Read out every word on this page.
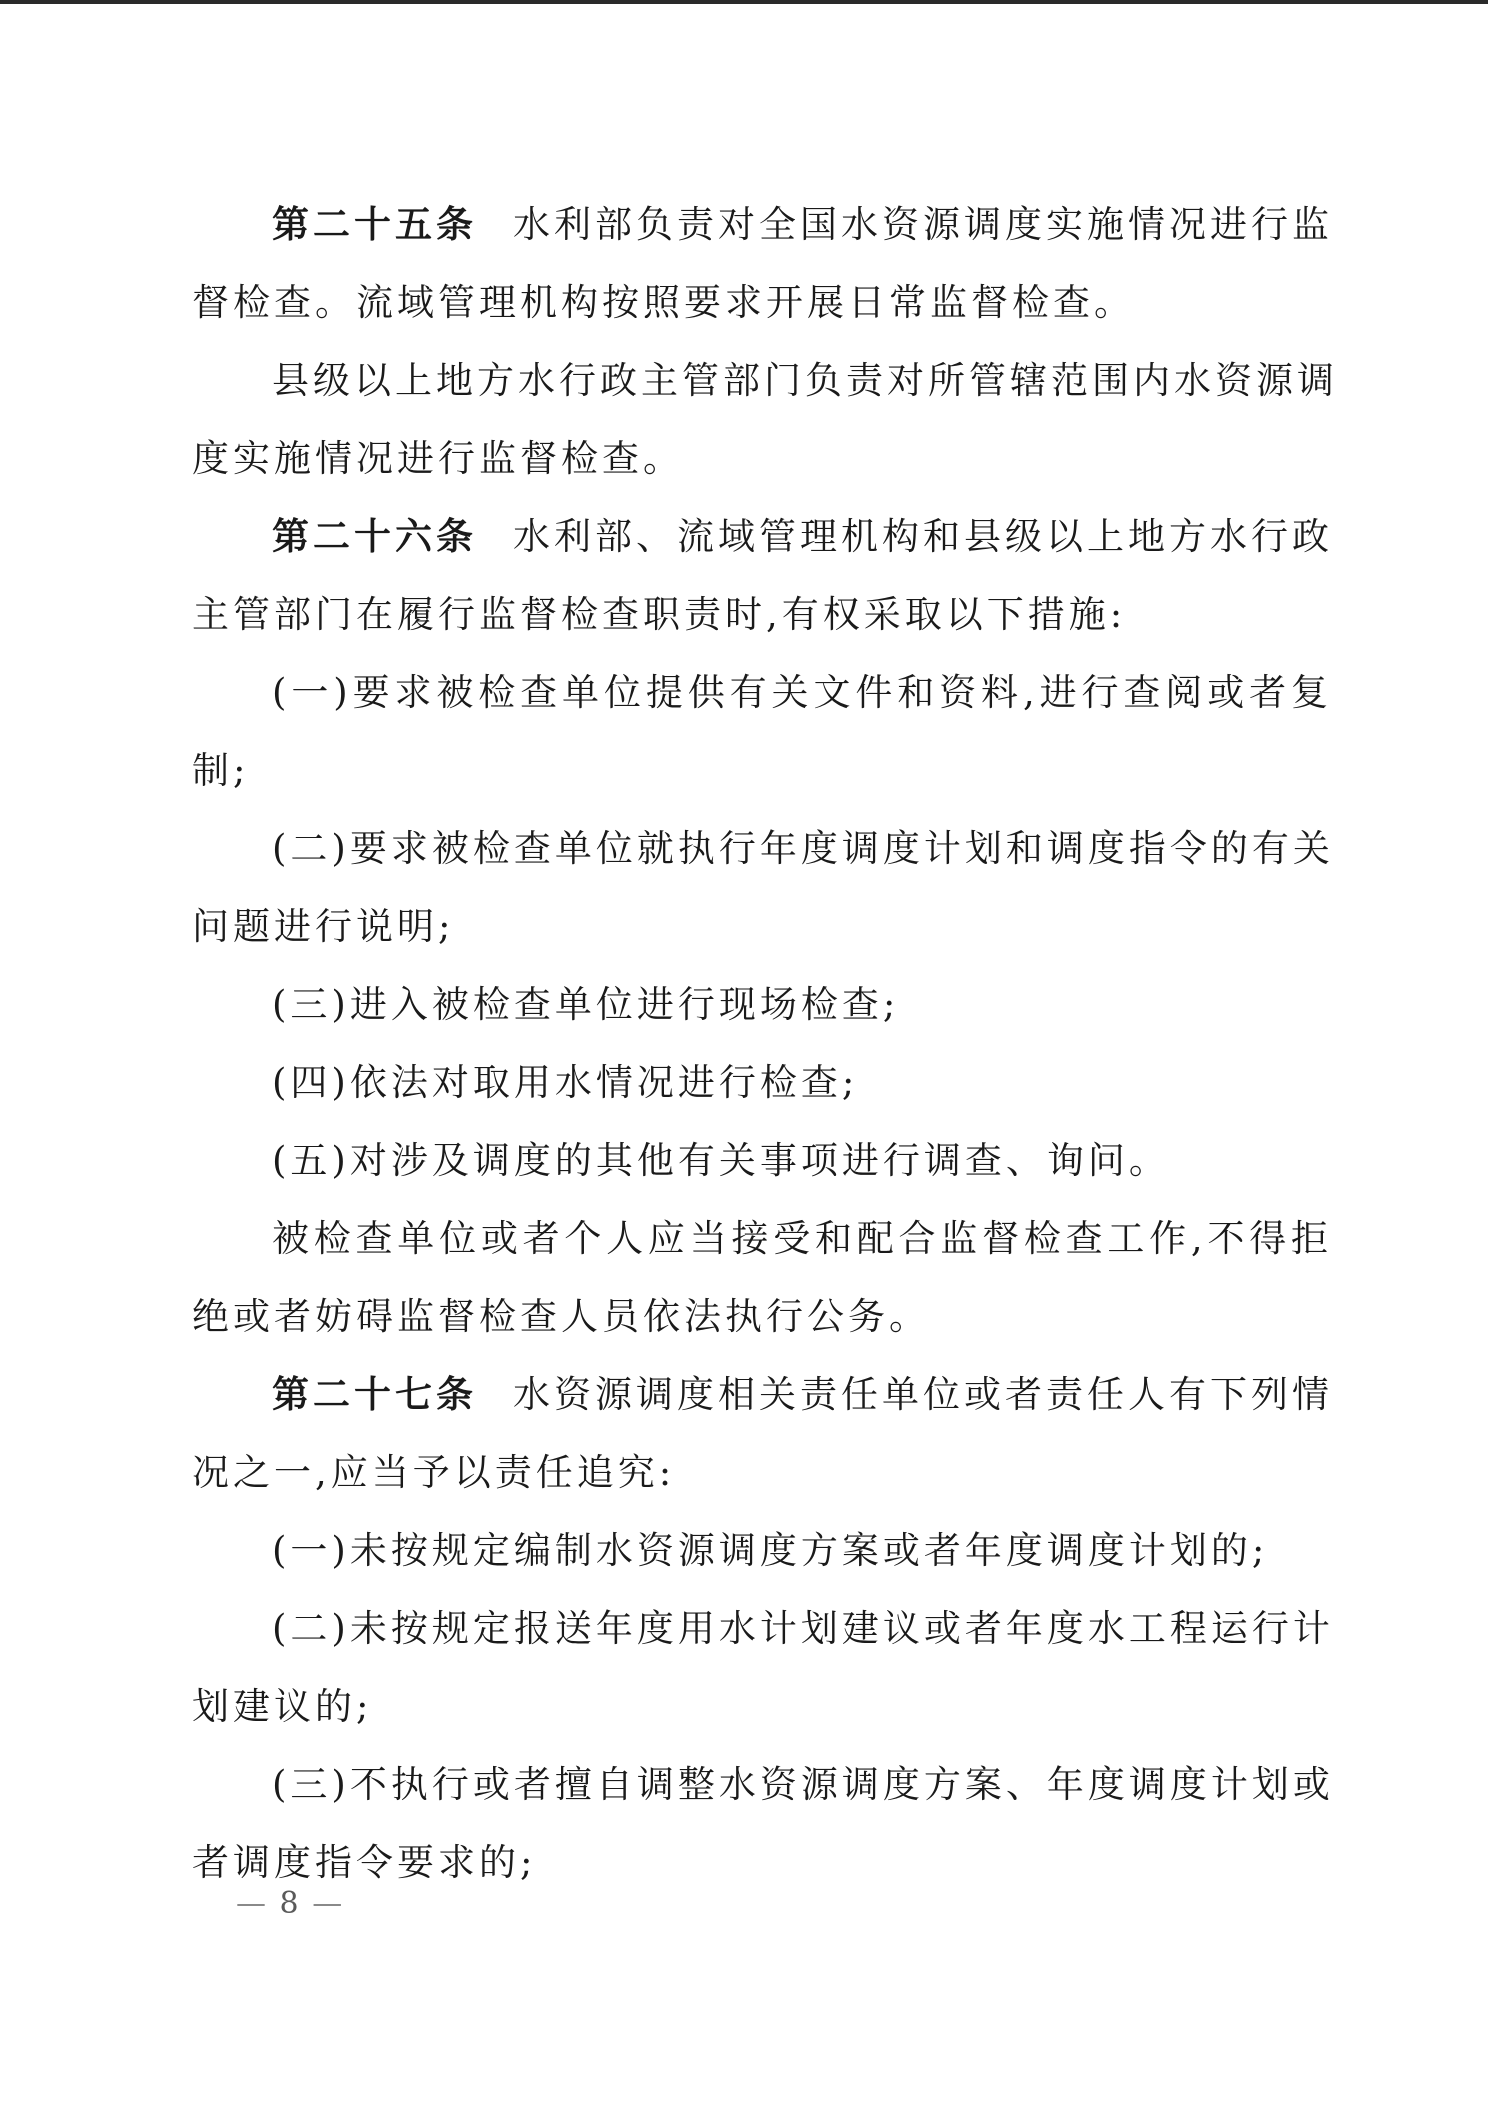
第二十五条 水利部负责对全国水资源调度实施情况进行监
督检查。流域管理机构按照要求开展日常监督检查。
县级以上地方水行政主管部门负责对所管辖范围内水资源调
度实施情况进行监督检查。
第二十六条 水利部、流域管理机构和县级以上地方水行政
主管部门在履行监督检查职责时,有权采取以下措施:
(一)要求被检查单位提供有关文件和资料,进行查阅或者复
制;
(二)要求被检查单位就执行年度调度计划和调度指令的有关
问题进行说明;
(三)进入被检查单位进行现场检查;
(四)依法对取用水情况进行检查;
(五)对涉及调度的其他有关事项进行调查、询问。
被检查单位或者个人应当接受和配合监督检查工作,不得拒
绝或者妨碍监督检查人员依法执行公务。
第二十七条 水资源调度相关责任单位或者责任人有下列情
况之一,应当予以责任追究:
(一)未按规定编制水资源调度方案或者年度调度计划的;
(二)未按规定报送年度用水计划建议或者年度水工程运行计
划建议的;
(三)不执行或者擅自调整水资源调度方案、年度调度计划或
者调度指令要求的;
— 8 —
